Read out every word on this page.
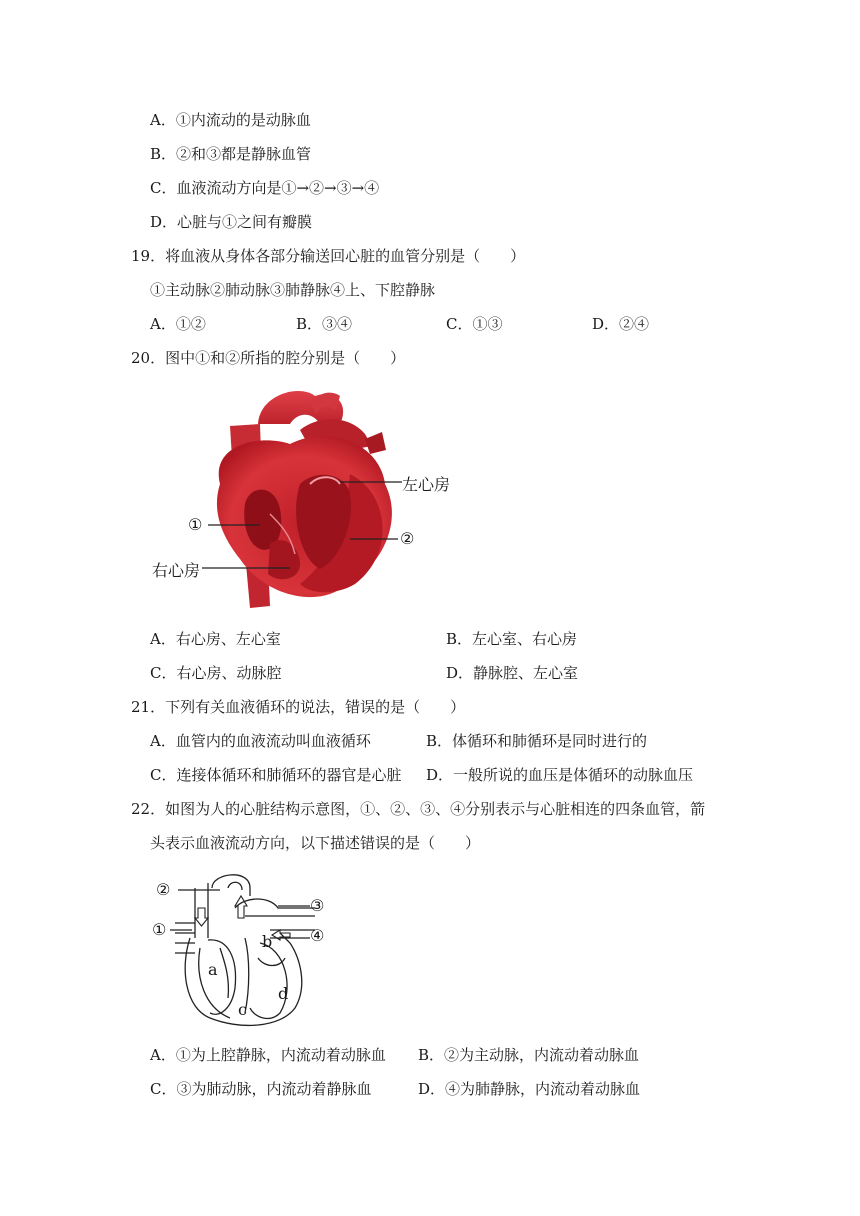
A．①内流动的是动脉血
B．②和③都是静脉血管
C．血液流动方向是①→②→③→④
D．心脏与①之间有瓣膜
19．将血液从身体各部分输送回心脏的血管分别是（　　）
①主动脉②肺动脉③肺静脉④上、下腔静脉
A．①②	B．③④	C．①③	D．②④
20．图中①和②所指的腔分别是（　　）
左心房
①
②
右心房
A．右心房、左心室	B．左心室、右心房
C．右心房、动脉腔	D．静脉腔、左心室
21．下列有关血液循环的说法，错误的是（　　）
A．血管内的血液流动叫血液循环	B．体循环和肺循环是同时进行的
C．连接体循环和肺循环的器官是心脏 D．一般所说的血压是体循环的动脉血压
22．如图为人的心脏结构示意图，①、②、③、④分别表示与心脏相连的四条血管，箭
头表示血液流动方向，以下描述错误的是（　　）
②
①
③
④
a
b
c
d
A．①为上腔静脉，内流动着动脉血 B．②为主动脉，内流动着动脉血
C．③为肺动脉，内流动着静脉血	D．④为肺静脉，内流动着动脉血
